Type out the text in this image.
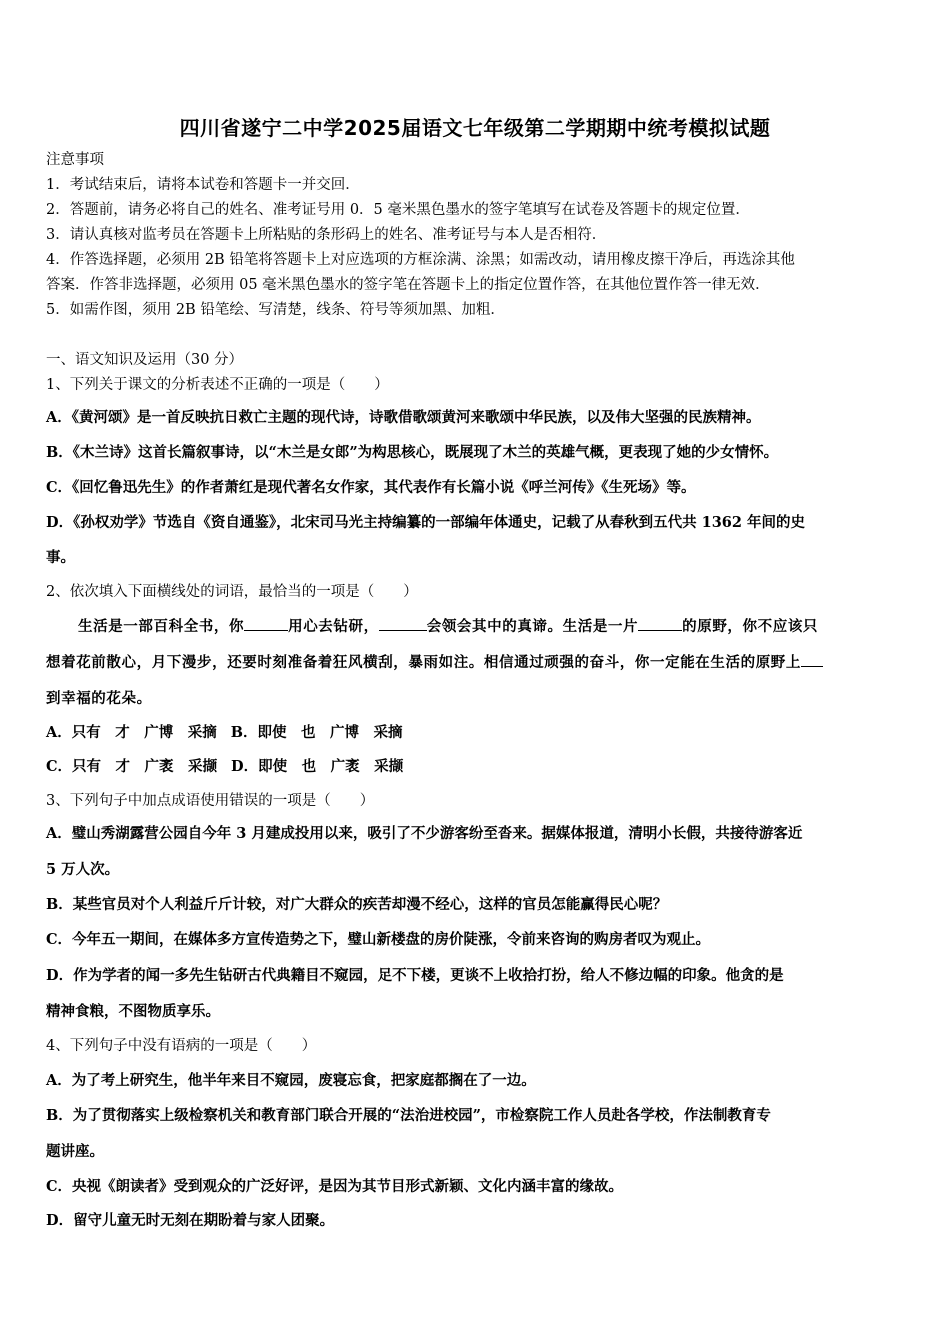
四川省遂宁二中学2025届语文七年级第二学期期中统考模拟试题
注意事项
1．考试结束后，请将本试卷和答题卡一并交回．
2．答题前，请务必将自己的姓名、准考证号用 0．5 毫米黑色墨水的签字笔填写在试卷及答题卡的规定位置．
3．请认真核对监考员在答题卡上所粘贴的条形码上的姓名、准考证号与本人是否相符．
4．作答选择题，必须用 2B 铅笔将答题卡上对应选项的方框涂满、涂黑；如需改动，请用橡皮擦干净后，再选涂其他
答案．作答非选择题，必须用 05 毫米黑色墨水的签字笔在答题卡上的指定位置作答，在其他位置作答一律无效．
5．如需作图，须用 2B 铅笔绘、写清楚，线条、符号等须加黑、加粗．
一、语文知识及运用（30 分）
1、下列关于课文的分析表述不正确的一项是（　　）
A．《黄河颂》是一首反映抗日救亡主题的现代诗，诗歌借歌颂黄河来歌颂中华民族，以及伟大坚强的民族精神。
B．《木兰诗》这首长篇叙事诗，以“木兰是女郎”为构思核心，既展现了木兰的英雄气概，更表现了她的少女情怀。
C．《回忆鲁迅先生》的作者萧红是现代著名女作家，其代表作有长篇小说《呼兰河传》《生死场》等。
D．《孙权劝学》节选自《资自通鉴》，北宋司马光主持编纂的一部编年体通史，记载了从春秋到五代共 1362 年间的史
事。
2、依次填入下面横线处的词语，最恰当的一项是（　　）
生活是一部百科全书，你	用心去钻研，	会领会其中的真谛。生活是一片	的原野，你不应该只
想着花前散心，月下漫步，还要时刻准备着狂风横刮，暴雨如注。相信通过顽强的奋斗，你一定能在生活的原野上
到幸福的花朵。
A．只有　才　广博　采摘 B．即使　也　广博　采摘
C．只有　才　广袤　采撷 D．即使　也　广袤　采撷
3、下列句子中加点成语使用错误的一项是（　　）
A．璧山秀湖露营公园自今年 3 月建成投用以来，吸引了不少游客纷至沓来。据媒体报道，清明小长假，共接待游客近
5 万人次。
B．某些官员对个人利益斤斤计较，对广大群众的疾苦却漫不经心，这样的官员怎能赢得民心呢？
C．今年五一期间，在媒体多方宣传造势之下，璧山新楼盘的房价陡涨，令前来咨询的购房者叹为观止。
D．作为学者的闻一多先生钻研古代典籍目不窥园，足不下楼，更谈不上收拾打扮，给人不修边幅的印象。他贪的是
精神食粮，不图物质享乐。
4、下列句子中没有语病的一项是（　　）
A．为了考上研究生，他半年来目不窥园，废寝忘食，把家庭都搁在了一边。
B．为了贯彻落实上级检察机关和教育部门联合开展的“法治进校园”，市检察院工作人员赴各学校，作法制教育专
题讲座。
C．央视《朗读者》受到观众的广泛好评，是因为其节目形式新颖、文化内涵丰富的缘故。
D．留守儿童无时无刻在期盼着与家人团聚。
